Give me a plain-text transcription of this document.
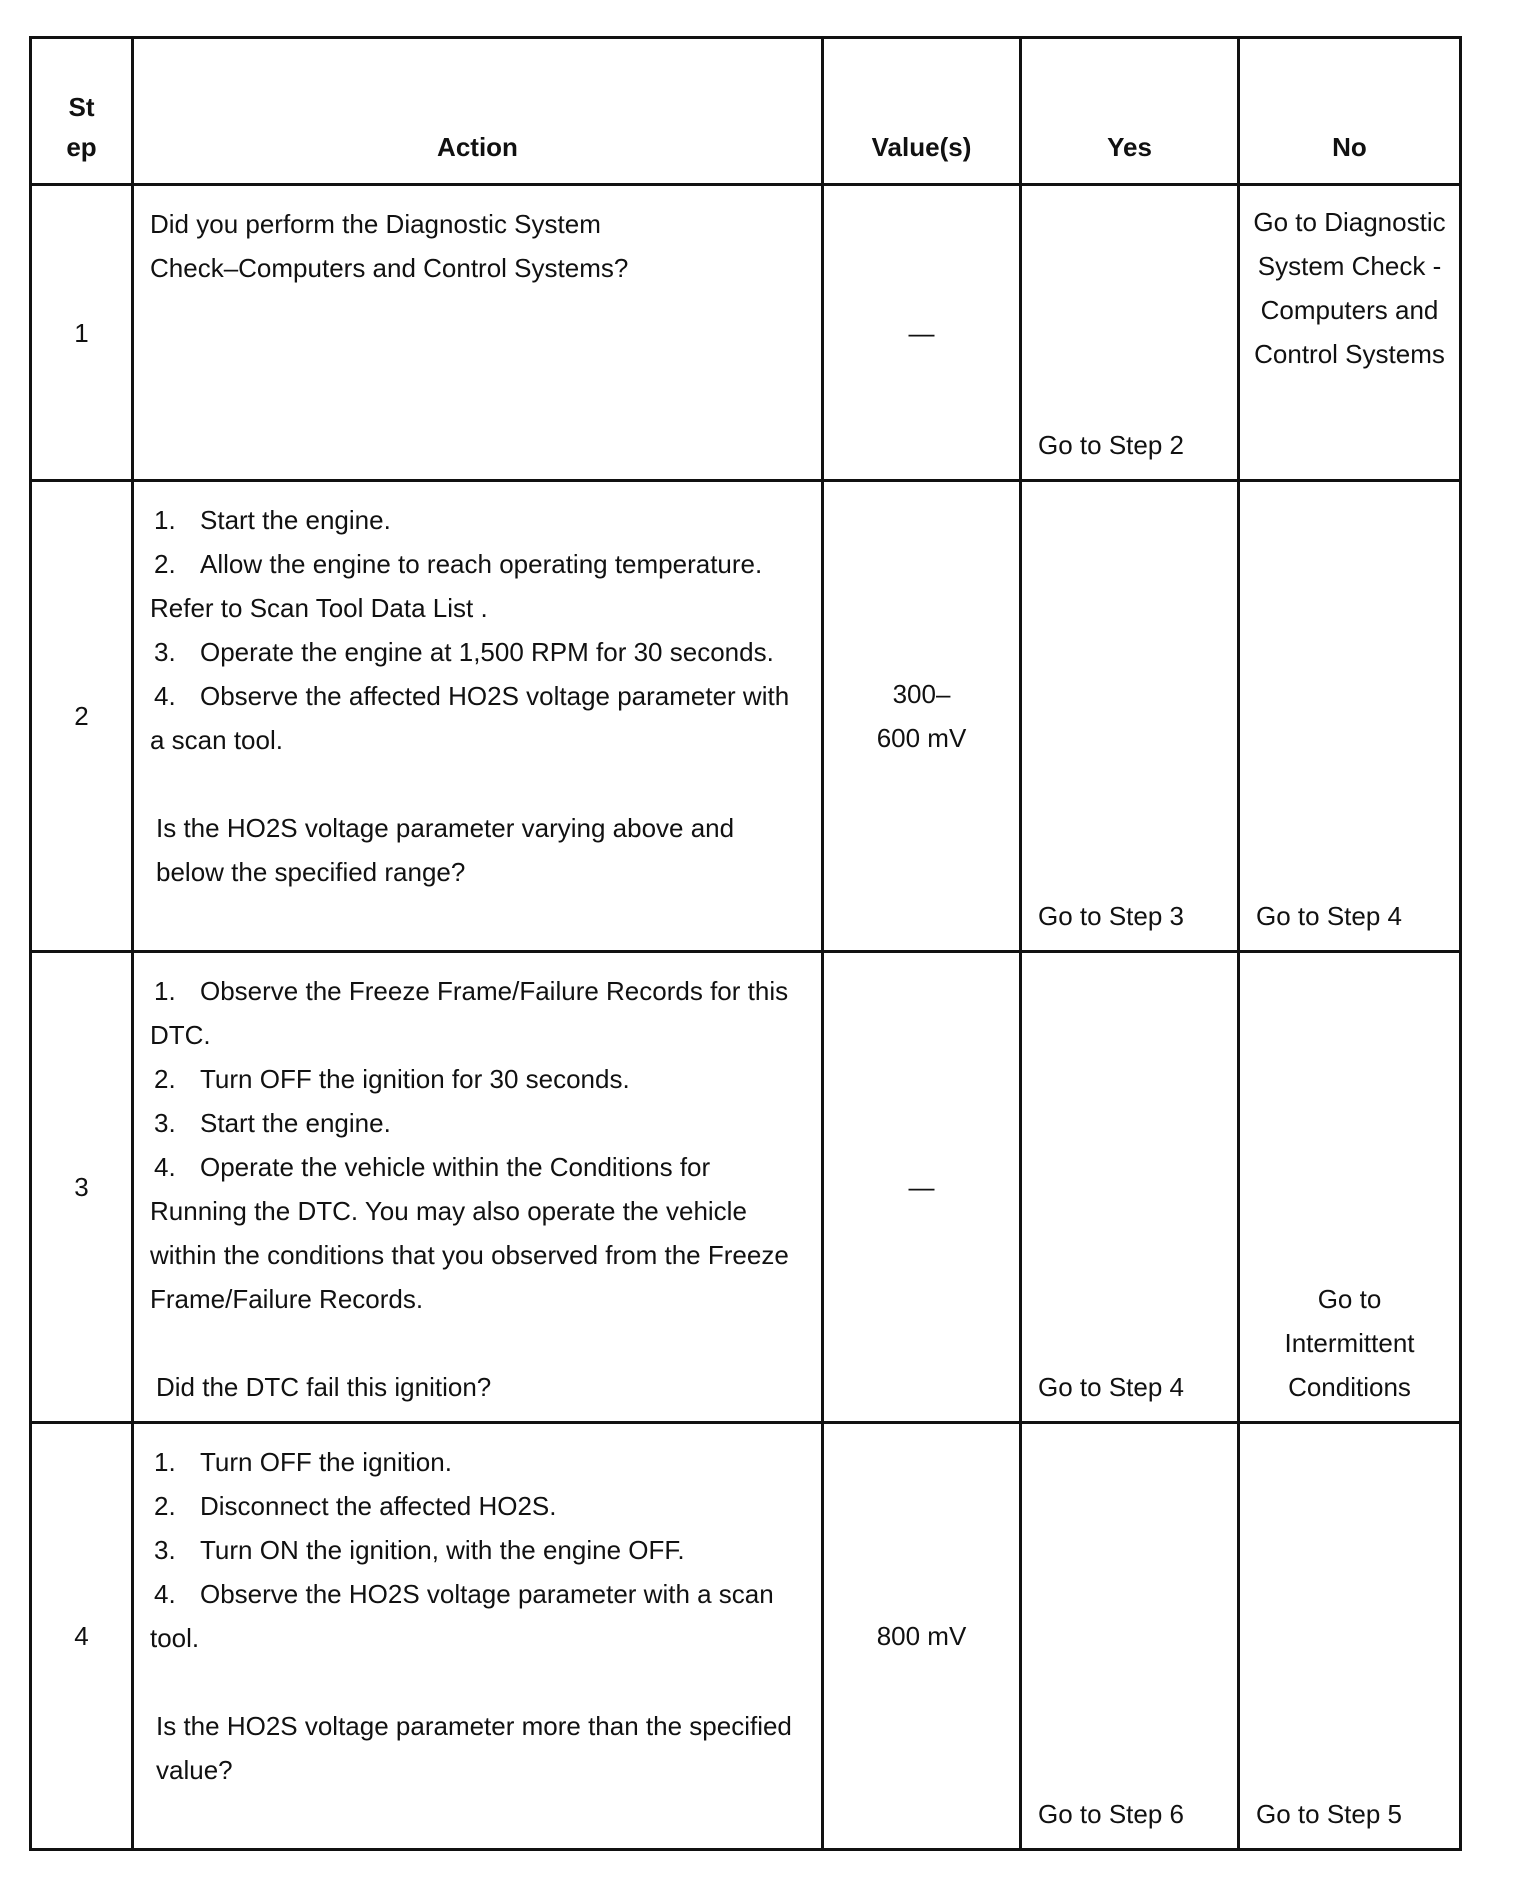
St
ep	Action	Value(s)	Yes	No
1	Did you perform the Diagnostic System Check–Computers and Control Systems?	—	Go to Step 2	Go to Diagnostic System Check - Computers and Control Systems

2	1. Start the engine.
2. Allow the engine to reach operating temperature. Refer to Scan Tool Data List .
3. Operate the engine at 1,500 RPM for 30 seconds.
4. Observe the affected HO2S voltage parameter with a scan tool.
Is the HO2S voltage parameter varying above and below the specified range?	300–600 mV	Go to Step 3	Go to Step 4

3	1. Observe the Freeze Frame/Failure Records for this DTC.
2. Turn OFF the ignition for 30 seconds.
3. Start the engine.
4. Operate the vehicle within the Conditions for Running the DTC. You may also operate the vehicle within the conditions that you observed from the Freeze Frame/Failure Records.
Did the DTC fail this ignition?	—	Go to Step 4	Go to Intermittent Conditions

4	1. Turn OFF the ignition.
2. Disconnect the affected HO2S.
3. Turn ON the ignition, with the engine OFF.
4. Observe the HO2S voltage parameter with a scan tool.
Is the HO2S voltage parameter more than the specified value?	800 mV	Go to Step 6	Go to Step 5
